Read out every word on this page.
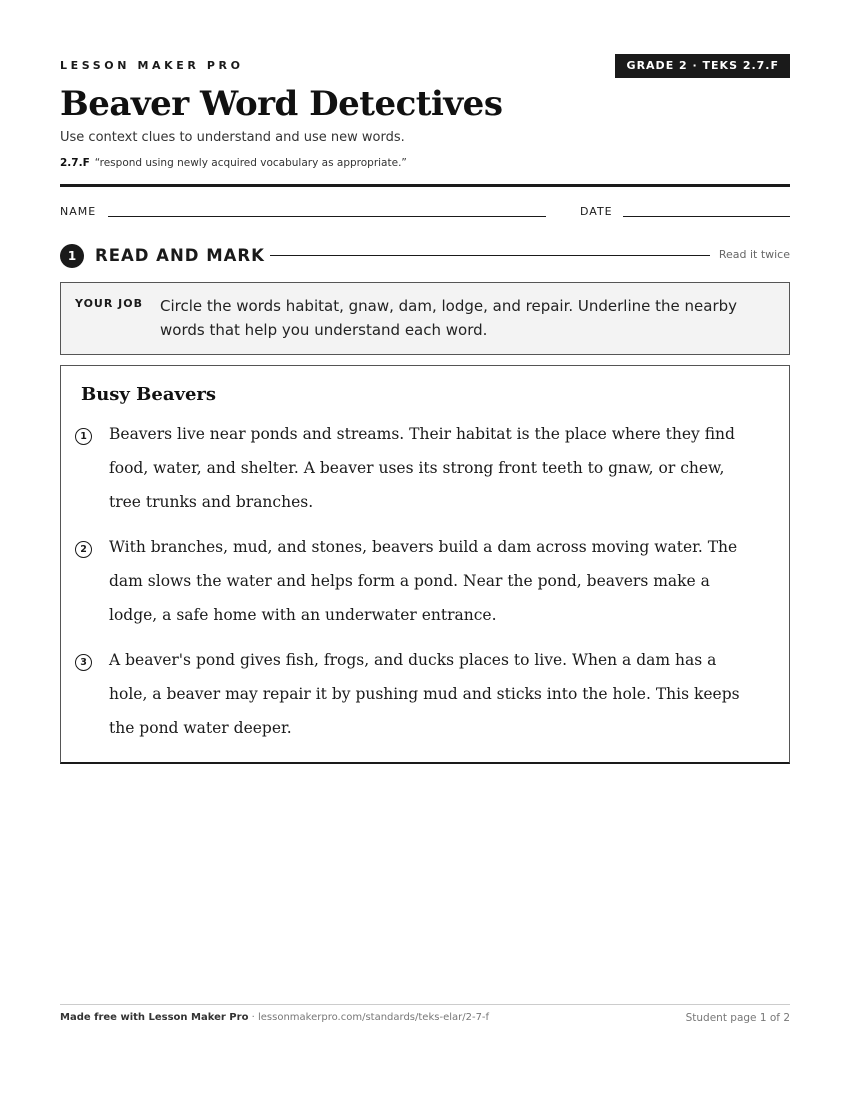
LESSON MAKER PRO	GRADE 2 · TEKS 2.7.F
Beaver Word Detectives
Use context clues to understand and use new words.
2.7.F “respond using newly acquired vocabulary as appropriate.”
NAME	DATE
1	READ AND MARK	Read it twice
YOUR JOB Circle the words habitat, gnaw, dam, lodge, and repair. Underline the nearby words that help you understand each word.
Busy Beavers
1	Beavers live near ponds and streams. Their habitat is the place where they find food, water, and shelter. A beaver uses its strong front teeth to gnaw, or chew, tree trunks and branches.
2	With branches, mud, and stones, beavers build a dam across moving water. The dam slows the water and helps form a pond. Near the pond, beavers make a lodge, a safe home with an underwater entrance.
3	A beaver's pond gives fish, frogs, and ducks places to live. When a dam has a hole, a beaver may repair it by pushing mud and sticks into the hole. This keeps the pond water deeper.
Made free with Lesson Maker Pro · lessonmakerpro.com/standards/teks-elar/2-7-f	Student page 1 of 2
